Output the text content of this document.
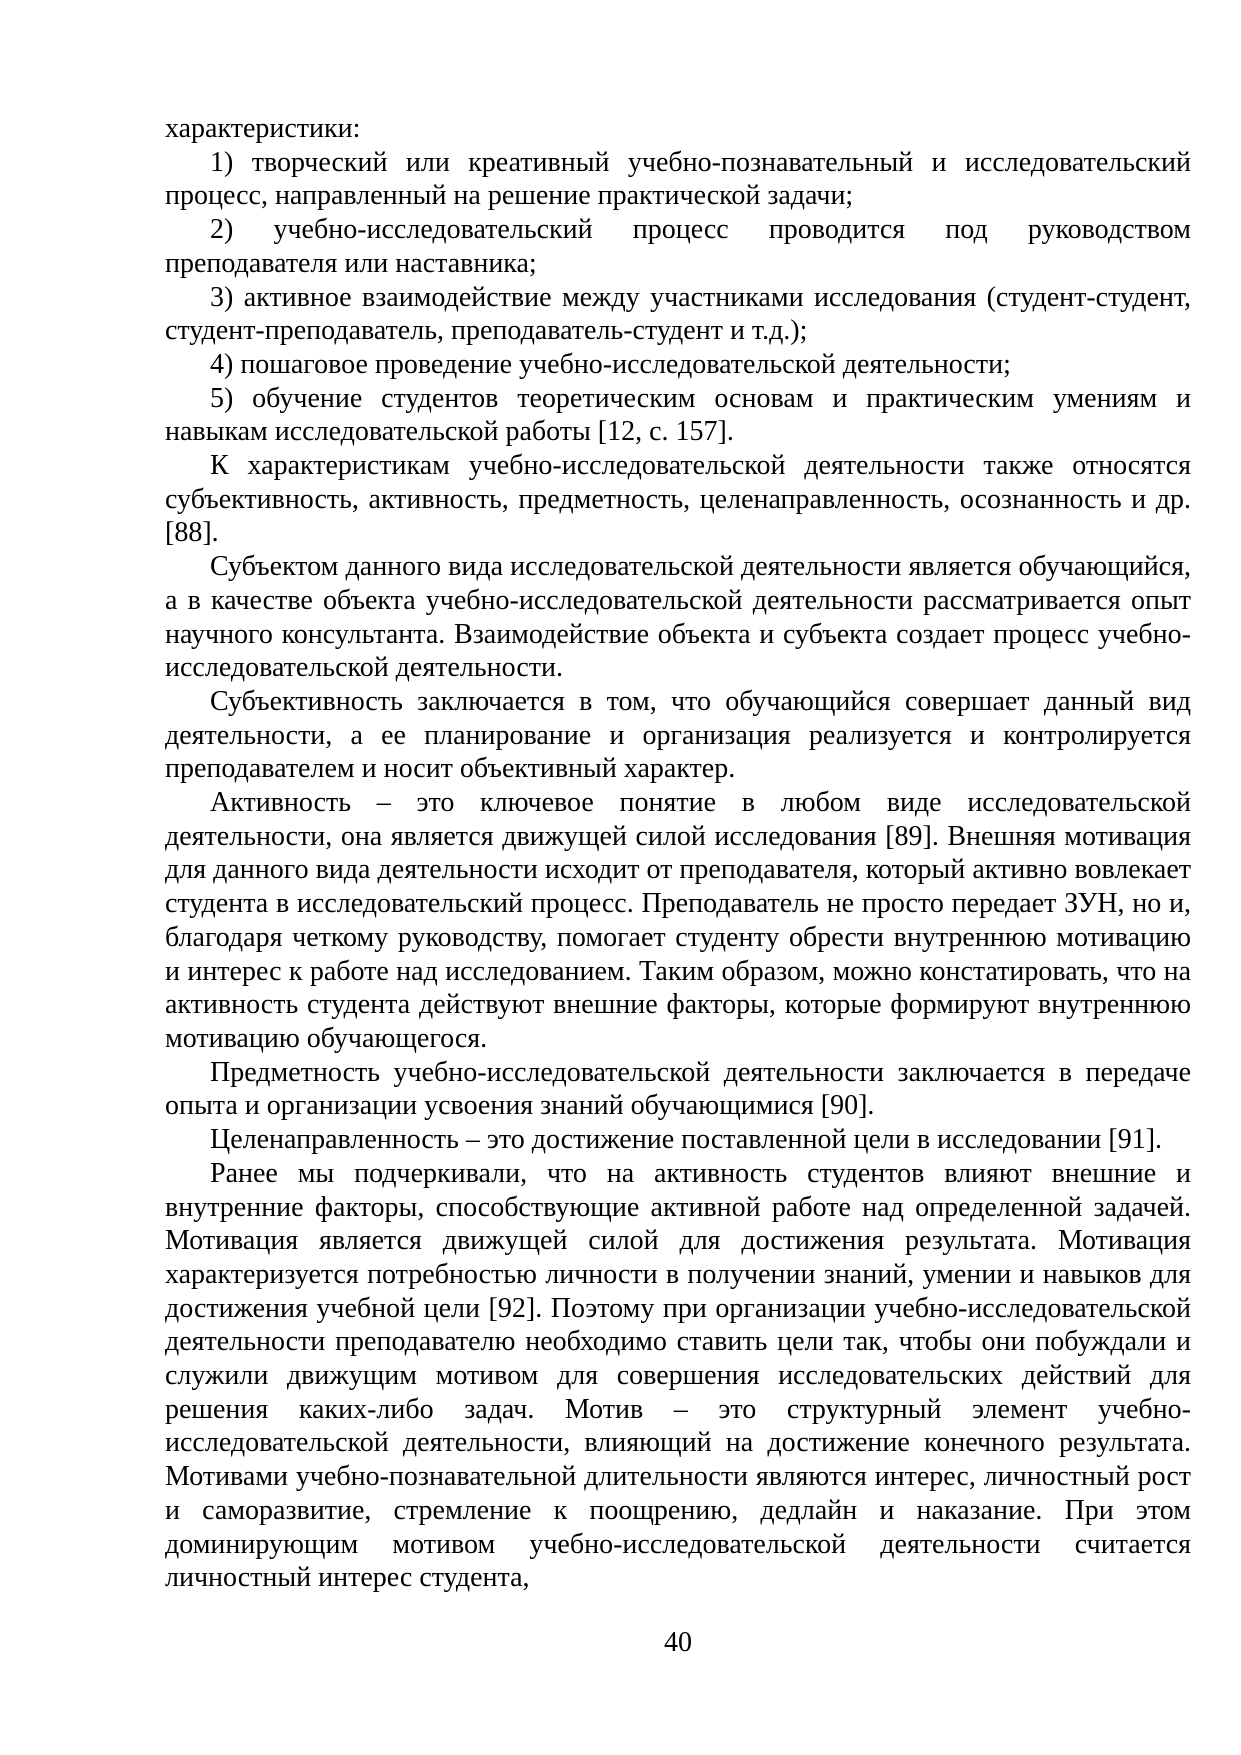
характеристики:

1) творческий или креативный учебно-познавательный и исследовательский процесс, направленный на решение практической задачи;

2) учебно-исследовательский процесс проводится под руководством преподавателя или наставника;

3) активное взаимодействие между участниками исследования (студент-студент, студент-преподаватель, преподаватель-студент и т.д.);

4) пошаговое проведение учебно-исследовательской деятельности;

5) обучение студентов теоретическим основам и практическим умениям и навыкам исследовательской работы [12, с. 157].

К характеристикам учебно-исследовательской деятельности также относятся субъективность, активность, предметность, целенаправленность, осознанность и др. [88].

Субъектом данного вида исследовательской деятельности является обучающийся, а в качестве объекта учебно-исследовательской деятельности рассматривается опыт научного консультанта. Взаимодействие объекта и субъекта создает процесс учебно-исследовательской деятельности.

Субъективность заключается в том, что обучающийся совершает данный вид деятельности, а ее планирование и организация реализуется и контролируется преподавателем и носит объективный характер.

Активность – это ключевое понятие в любом виде исследовательской деятельности, она является движущей силой исследования [89]. Внешняя мотивация для данного вида деятельности исходит от преподавателя, который активно вовлекает студента в исследовательский процесс. Преподаватель не просто передает ЗУН, но и, благодаря четкому руководству, помогает студенту обрести внутреннюю мотивацию и интерес к работе над исследованием. Таким образом, можно констатировать, что на активность студента действуют внешние факторы, которые формируют внутреннюю мотивацию обучающегося.

Предметность учебно-исследовательской деятельности заключается в передаче опыта и организации усвоения знаний обучающимися [90].

Целенаправленность – это достижение поставленной цели в исследовании [91].

Ранее мы подчеркивали, что на активность студентов влияют внешние и внутренние факторы, способствующие активной работе над определенной задачей. Мотивация является движущей силой для достижения результата. Мотивация характеризуется потребностью личности в получении знаний, умении и навыков для достижения учебной цели [92]. Поэтому при организации учебно-исследовательской деятельности преподавателю необходимо ставить цели так, чтобы они побуждали и служили движущим мотивом для совершения исследовательских действий для решения каких-либо задач. Мотив – это структурный элемент учебно-исследовательской деятельности, влияющий на достижение конечного результата. Мотивами учебно-познавательной длительности являются интерес, личностный рост и саморазвитие, стремление к поощрению, дедлайн и наказание. При этом доминирующим мотивом учебно-исследовательской деятельности считается личностный интерес студента,

40
